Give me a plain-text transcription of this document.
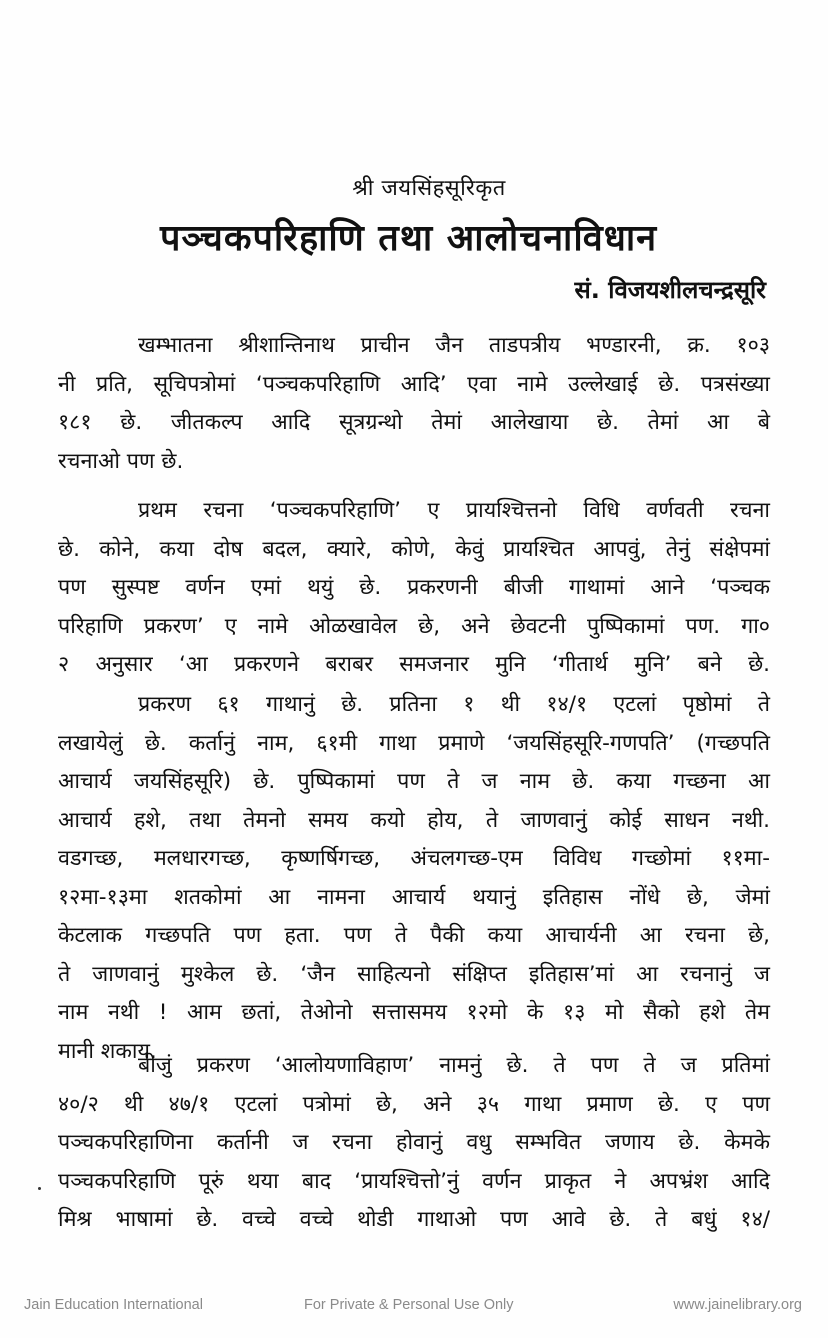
श्री जयसिंहसूरिकृत
पञ्चकपरिहाणि तथा आलोचनाविधान
सं. विजयशीलचन्द्रसूरि
खम्भातना श्रीशान्तिनाथ प्राचीन जैन ताडपत्रीय भण्डारनी, क्र. १०३
नी प्रति, सूचिपत्रोमां ‘पञ्चकपरिहाणि आदि’ एवा नामे उल्लेखाई छे. पत्रसंख्या
१८१ छे. जीतकल्प आदि सूत्रग्रन्थो तेमां आलेखाया छे. तेमां आ बे
रचनाओ पण छे.
प्रथम रचना ‘पञ्चकपरिहाणि’ ए प्रायश्चित्तनो विधि वर्णवती रचना
छे. कोने, कया दोष बदल, क्यारे, कोणे, केवुं प्रायश्चित आपवुं, तेनुं संक्षेपमां
पण सुस्पष्ट वर्णन एमां थयुं छे. प्रकरणनी बीजी गाथामां आने ‘पञ्चक
परिहाणि प्रकरण’ ए नामे ओळखावेल छे, अने छेवटनी पुष्पिकामां पण. गा०
२ अनुसार ‘आ प्रकरणने बराबर समजनार मुनि ‘गीतार्थ मुनि’ बने छे.
प्रकरण ६१ गाथानुं छे. प्रतिना १ थी १४/१ एटलां पृष्ठोमां ते
लखायेलुं छे. कर्तानुं नाम, ६१मी गाथा प्रमाणे ‘जयसिंहसूरि-गणपति’ (गच्छपति
आचार्य जयसिंहसूरि) छे. पुष्पिकामां पण ते ज नाम छे. कया गच्छना आ
आचार्य हशे, तथा तेमनो समय कयो होय, ते जाणवानुं कोई साधन नथी.
वडगच्छ, मलधारगच्छ, कृष्णर्षिगच्छ, अंचलगच्छ-एम विविध गच्छोमां ११मा-
१२मा-१३मा शतकोमां आ नामना आचार्य थयानुं इतिहास नोंधे छे, जेमां
केटलाक गच्छपति पण हता. पण ते पैकी कया आचार्यनी आ रचना छे,
ते जाणवानुं मुश्केल छे. ‘जैन साहित्यनो संक्षिप्त इतिहास’मां आ रचनानुं ज
नाम नथी ! आम छतां, तेओनो सत्तासमय १२मो के १३ मो सैको हशे तेम
मानी शकाय.
बीजुं प्रकरण ‘आलोयणाविहाण’ नामनुं छे. ते पण ते ज प्रतिमां
४०/२ थी ४७/१ एटलां पत्रोमां छे, अने ३५ गाथा प्रमाण छे. ए पण
पञ्चकपरिहाणिना कर्तानी ज रचना होवानुं वधु सम्भवित जणाय छे. केमके
पञ्चकपरिहाणि पूरुं थया बाद ‘प्रायश्चित्तो’नुं वर्णन प्राकृत ने अपभ्रंश आदि
मिश्र भाषामां छे. वच्चे वच्चे थोडी गाथाओ पण आवे छे. ते बधुं १४/
Jain Education International	For Private & Personal Use Only	www.jainelibrary.org
